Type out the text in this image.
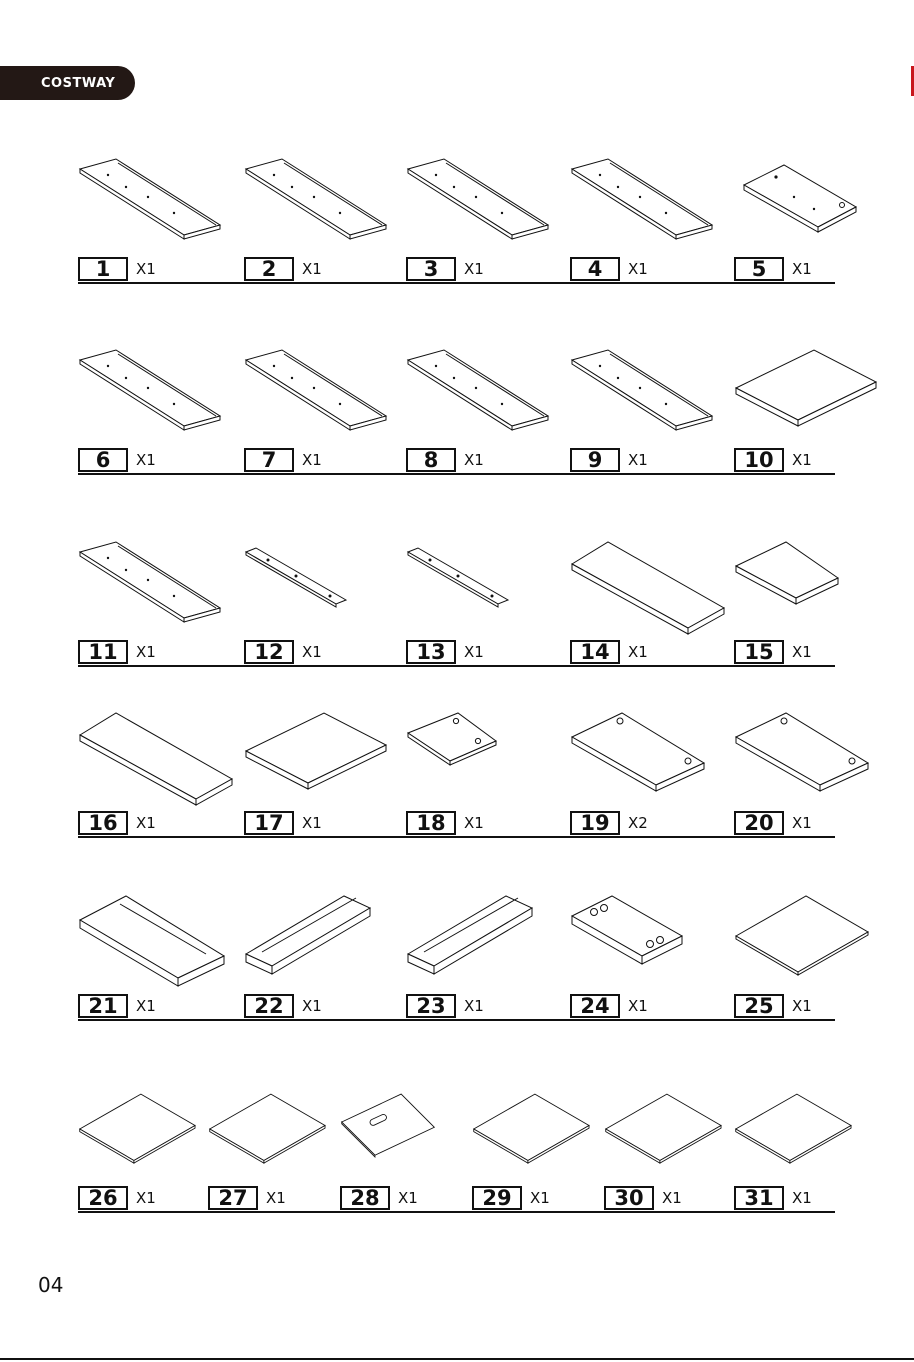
COSTWAY
1	X1	2	X1	3	X1	4	X1	5	X1
6	X1	7	X1	8	X1	9	X1	10	X1
11	X1	12	X1	13	X1	14	X1	15	X1
16	X1	17	X1	18	X1	19	X2	20	X1
21	X1	22	X1	23	X1	24	X1	25	X1
26	X1	27	X1	28	X1	29	X1	30	X1	31	X1
04
